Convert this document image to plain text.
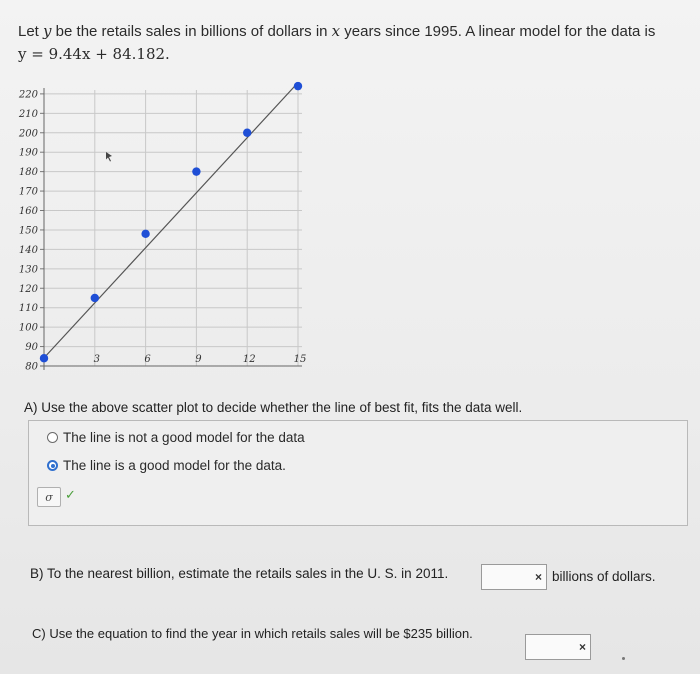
Let y be the retails sales in billions of dollars in x years since 1995. A linear model for the data is
y = 9.44x + 84.182.
80
90
100
110
120
130
140
150
160
170
180
190
200
210
220
3	6	9	12	15
A) Use the above scatter plot to decide whether the line of best fit, fits the data well.
The line is not a good model for the data
The line is a good model for the data.
σ ✓
B) To the nearest billion, estimate the retails sales in the U. S. in 2011.	× billions of dollars.
C) Use the equation to find the year in which retails sales will be $235 billion.
×
